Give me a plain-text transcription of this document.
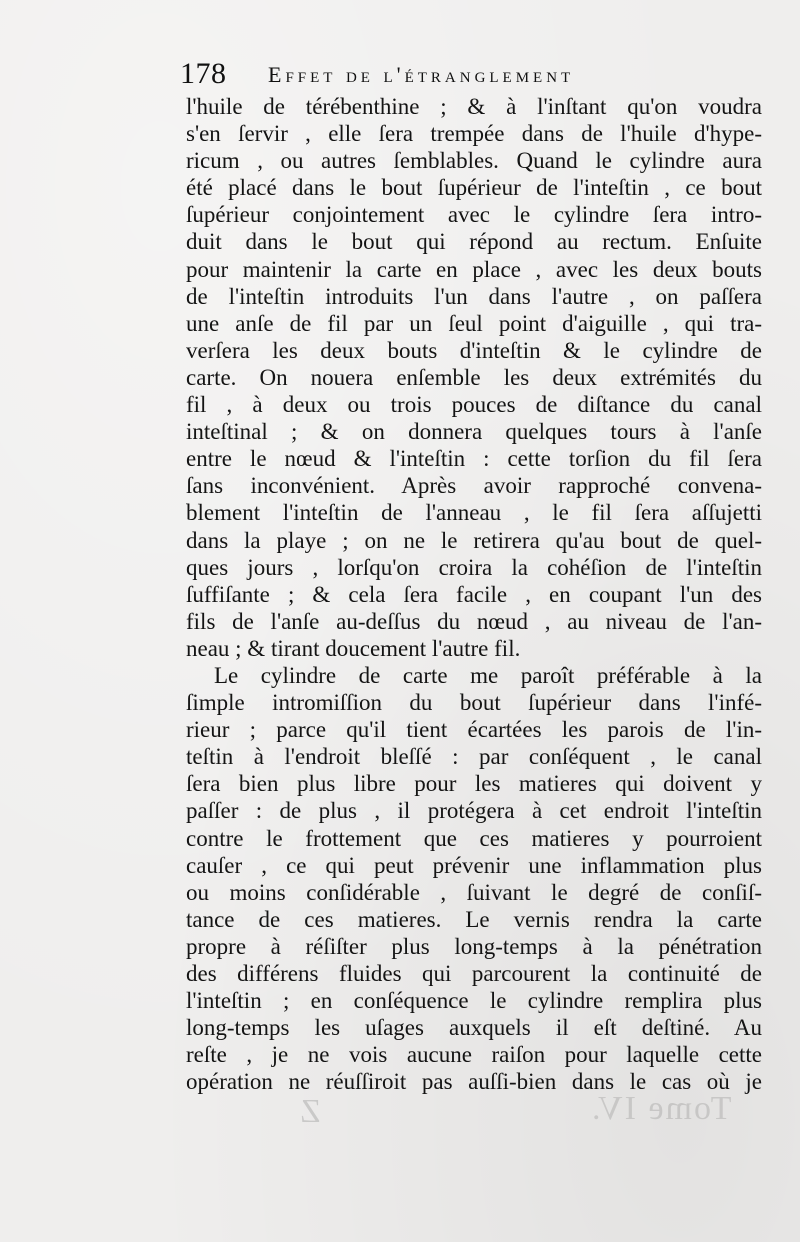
Z	Tome IV.
178 Effet de l'étranglement
l'huile de térébenthine ; & à l'inſtant qu'on voudra
s'en ſervir , elle ſera trempée dans de l'huile d'hype-
ricum , ou autres ſemblables. Quand le cylindre aura
été placé dans le bout ſupérieur de l'inteſtin , ce bout
ſupérieur conjointement avec le cylindre ſera intro-
duit dans le bout qui répond au rectum. Enſuite
pour maintenir la carte en place , avec les deux bouts
de l'inteſtin introduits l'un dans l'autre , on paſſera
une anſe de fil par un ſeul point d'aiguille , qui tra-
verſera les deux bouts d'inteſtin & le cylindre de
carte. On nouera enſemble les deux extrémités du
fil , à deux ou trois pouces de diſtance du canal
inteſtinal ; & on donnera quelques tours à l'anſe
entre le nœud & l'inteſtin : cette torſion du fil ſera
ſans inconvénient. Après avoir rapproché convena-
blement l'inteſtin de l'anneau , le fil ſera aſſujetti
dans la playe ; on ne le retirera qu'au bout de quel-
ques jours , lorſqu'on croira la cohéſion de l'inteſtin
ſuffiſante ; & cela ſera facile , en coupant l'un des
fils de l'anſe au-deſſus du nœud , au niveau de l'an-
neau ; & tirant doucement l'autre fil.
Le cylindre de carte me paroît préférable à la
ſimple intromiſſion du bout ſupérieur dans l'infé-
rieur ; parce qu'il tient écartées les parois de l'in-
teſtin à l'endroit bleſſé : par conſéquent , le canal
ſera bien plus libre pour les matieres qui doivent y
paſſer : de plus , il protégera à cet endroit l'inteſtin
contre le frottement que ces matieres y pourroient
cauſer , ce qui peut prévenir une inflammation plus
ou moins conſidérable , ſuivant le degré de conſiſ-
tance de ces matieres. Le vernis rendra la carte
propre à réſiſter plus long-temps à la pénétration
des différens fluides qui parcourent la continuité de
l'inteſtin ; en conſéquence le cylindre remplira plus
long-temps les uſages auxquels il eſt deſtiné. Au
reſte , je ne vois aucune raiſon pour laquelle cette
opération ne réuſſiroit pas auſſi-bien dans le cas où je
